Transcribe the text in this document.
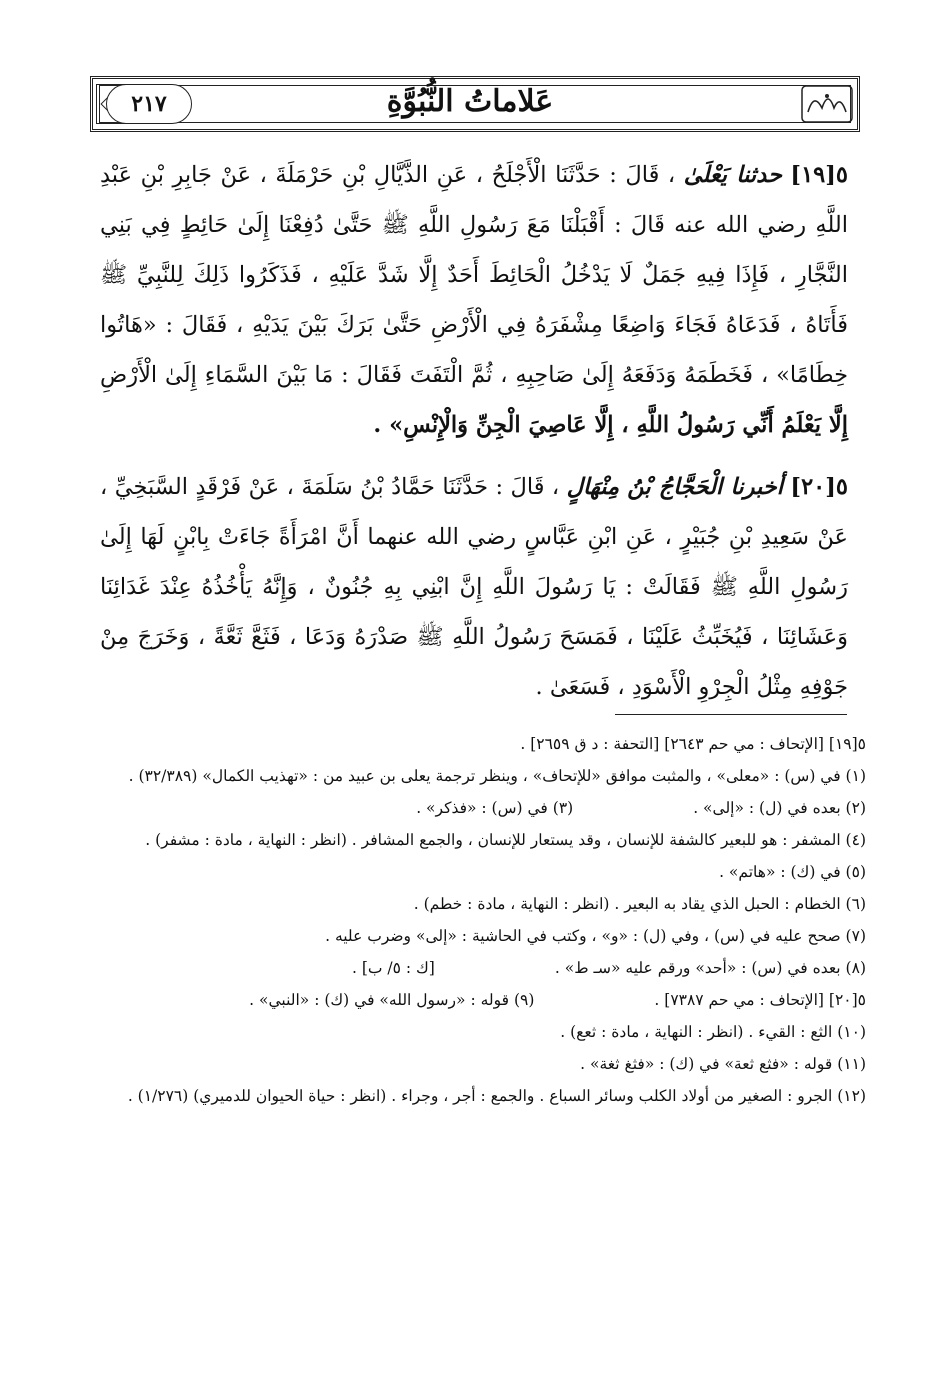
٢١٧	عَلاماتُ النُّبُوَّةِ

٥[١٩] حدثنا يَعْلَىٰ ، قَالَ : حَدَّثَنَا الْأَجْلَحُ ، عَنِ الذَّيَّالِ بْنِ حَرْمَلَةَ ، عَنْ جَابِرِ بْنِ عَبْدِ اللَّهِ رضي الله عنه قَالَ : أَقْبَلْنَا مَعَ رَسُولِ اللَّهِ ﷺ حَتَّىٰ دُفِعْنَا إِلَىٰ حَائِطٍ فِي بَنِي النَّجَّارِ ، فَإِذَا فِيهِ جَمَلٌ لَا يَدْخُلُ الْحَائِطَ أَحَدٌ إِلَّا شَدَّ عَلَيْهِ ، فَذَكَرُوا ذَلِكَ لِلنَّبِيِّ ﷺ فَأَتَاهُ ، فَدَعَاهُ فَجَاءَ وَاضِعًا مِشْفَرَهُ فِي الْأَرْضِ حَتَّىٰ بَرَكَ بَيْنَ يَدَيْهِ ، فَقَالَ : «هَاتُوا خِطَامًا» ، فَخَطَمَهُ وَدَفَعَهُ إِلَىٰ صَاحِبِهِ ، ثُمَّ الْتَفَتَ فَقَالَ : مَا بَيْنَ السَّمَاءِ إِلَىٰ الْأَرْضِ إِلَّا يَعْلَمُ أَنِّي رَسُولُ اللَّهِ ، إِلَّا عَاصِيَ الْجِنِّ وَالْإِنْسِ» .

٥[٢٠] أخبرنا الْحَجَّاجُ بْنُ مِنْهَالٍ ، قَالَ : حَدَّثَنَا حَمَّادُ بْنُ سَلَمَةَ ، عَنْ فَرْقَدٍ السَّبَخِيِّ ، عَنْ سَعِيدِ بْنِ جُبَيْرٍ ، عَنِ ابْنِ عَبَّاسٍ رضي الله عنهما أَنَّ امْرَأَةً جَاءَتْ بِابْنٍ لَهَا إِلَىٰ رَسُولِ اللَّهِ ﷺ فَقَالَتْ : يَا رَسُولَ اللَّهِ إِنَّ ابْنِي بِهِ جُنُونٌ ، وَإِنَّهُ يَأْخُذُهُ عِنْدَ غَدَائِنَا وَعَشَائِنَا ، فَيُخَبِّثُ عَلَيْنَا ، فَمَسَحَ رَسُولُ اللَّهِ ﷺ صَدْرَهُ وَدَعَا ، فَثَعَّ ثَعَّةً ، وَخَرَجَ مِنْ جَوْفِهِ مِثْلُ الْجِرْوِ الْأَسْوَدِ ، فَسَعَىٰ .

٥[١٩] [الإتحاف : مي حم ٢٦٤٣] [التحفة : د ق ٢٦٥٩] .

(١) في (س) : «معلى» ، والمثبت موافق «للإتحاف» ، وينظر ترجمة يعلى بن عبيد من : «تهذيب الكمال» (٣٢/٣٨٩) .

(٢) بعده في (ل) : «إلى» .
(٣) في (س) : «فذكر» .

(٤) المشفر : هو للبعير كالشفة للإنسان ، وقد يستعار للإنسان ، والجمع المشافر . (انظر : النهاية ، مادة : مشفر) .

(٥) في (ك) : «هاتم» .

(٦) الخطام : الحبل الذي يقاد به البعير . (انظر : النهاية ، مادة : خطم) .

(٧) صحح عليه في (س) ، وفي (ل) : «و» ، وكتب في الحاشية : «إلى» وضرب عليه .

(٨) بعده في (س) : «أحد» ورقم عليه «سـ ط» .
[ك : ٥/ ب] .
٥[٢٠] [الإتحاف : مي حم ٧٣٨٧] .
(٩) قوله : «رسول الله» في (ك) : «النبي» .

(١٠) الثع : القيء . (انظر : النهاية ، مادة : ثعع) .

(١١) قوله : «فثع ثعة» في (ك) : «فثغ ثغة» .

(١٢) الجرو : الصغير من أولاد الكلب وسائر السباع . والجمع : أجر ، وجراء . (انظر : حياة الحيوان للدميري) (١/٢٧٦) .
